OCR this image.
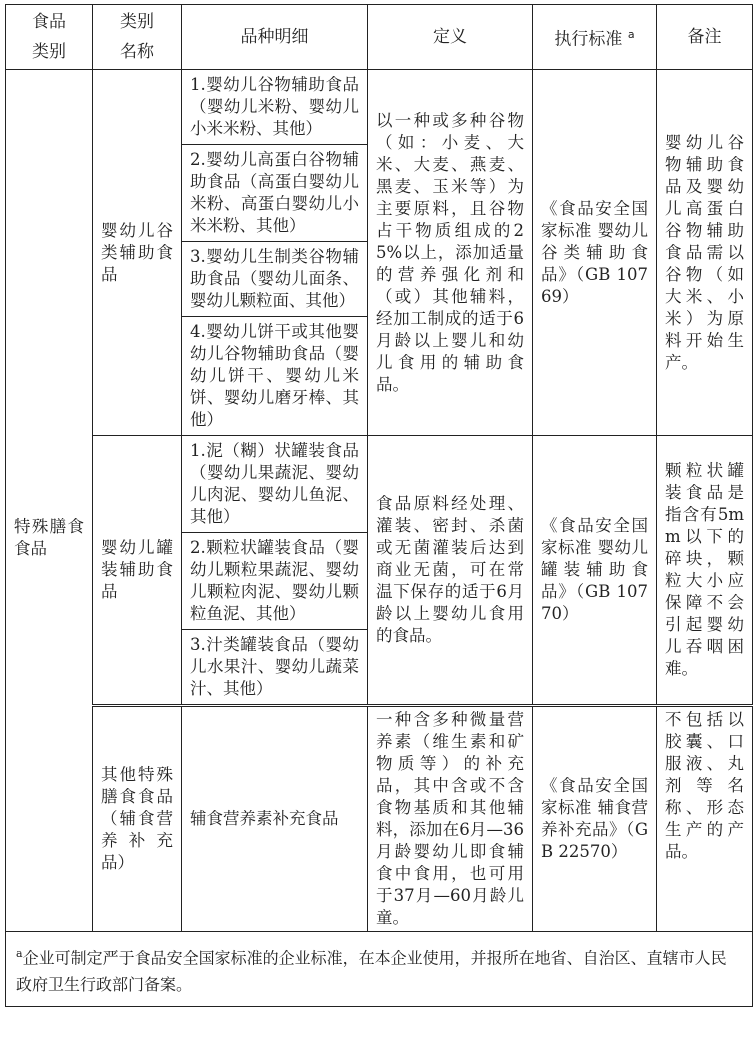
食品类别	类别名称	品种明细	定义	执行标准 $^a$	备注
特殊膳食食品	婴幼儿谷类辅助食品	1.婴幼儿谷物辅助食品（婴幼儿米粉、婴幼儿小米米粉、其他）	以一种或多种谷物（如：小麦、大米、大麦、燕麦、黑麦、玉米等）为主要原料，且谷物占干物质组成的25%以上，添加适量的营养强化剂和（或）其他辅料，经加工制成的适于6月龄以上婴儿和幼儿食用的辅助食品。	《食品安全国家标准 婴幼儿谷类辅助食品》（GB 10769）	婴幼儿谷物辅助食品及婴幼儿高蛋白谷物辅助食品需以谷物（如大米、小米）为原料开始生产。
		2.婴幼儿高蛋白谷物辅助食品（高蛋白婴幼儿米粉、高蛋白婴幼儿小米米粉、其他）			
		3.婴幼儿生制类谷物辅助食品（婴幼儿面条、婴幼儿颗粒面、其他）			
		4.婴幼儿饼干或其他婴幼儿谷物辅助食品（婴幼儿饼干、婴幼儿米饼、婴幼儿磨牙棒、其他）			
	婴幼儿罐装辅助食品	1.泥（糊）状罐装食品（婴幼儿果蔬泥、婴幼儿肉泥、婴幼儿鱼泥、其他）	食品原料经处理、灌装、密封、杀菌或无菌灌装后达到商业无菌，可在常温下保存的适于6月龄以上婴幼儿食用的食品。	《食品安全国家标准 婴幼儿罐装辅助食品》（GB 10770）	颗粒状罐装食品是指含有5mm以下的碎块，颗粒大小应保障不会引起婴幼儿吞咽困难。
		2.颗粒状罐装食品（婴幼儿颗粒果蔬泥、婴幼儿颗粒肉泥、婴幼儿颗粒鱼泥、其他）			
		3.汁类罐装食品（婴幼儿水果汁、婴幼儿蔬菜汁、其他）			
	其他特殊膳食食品（辅食营养补充品）	辅食营养素补充食品	一种含多种微量营养素（维生素和矿物质等）的补充品，其中含或不含食物基质和其他辅料，添加在6月—36月龄婴幼儿即食辅食中食用，也可用于37月—60月龄儿童。	《食品安全国家标准 辅食营养补充品》（GB 22570）	不包括以胶囊、口服液、丸剂等名称、形态生产的产品。

$^a$企业可制定严于食品安全国家标准的企业标准，在本企业使用，并报所在地省、自治区、直辖市人民政府卫生行政部门备案。					
